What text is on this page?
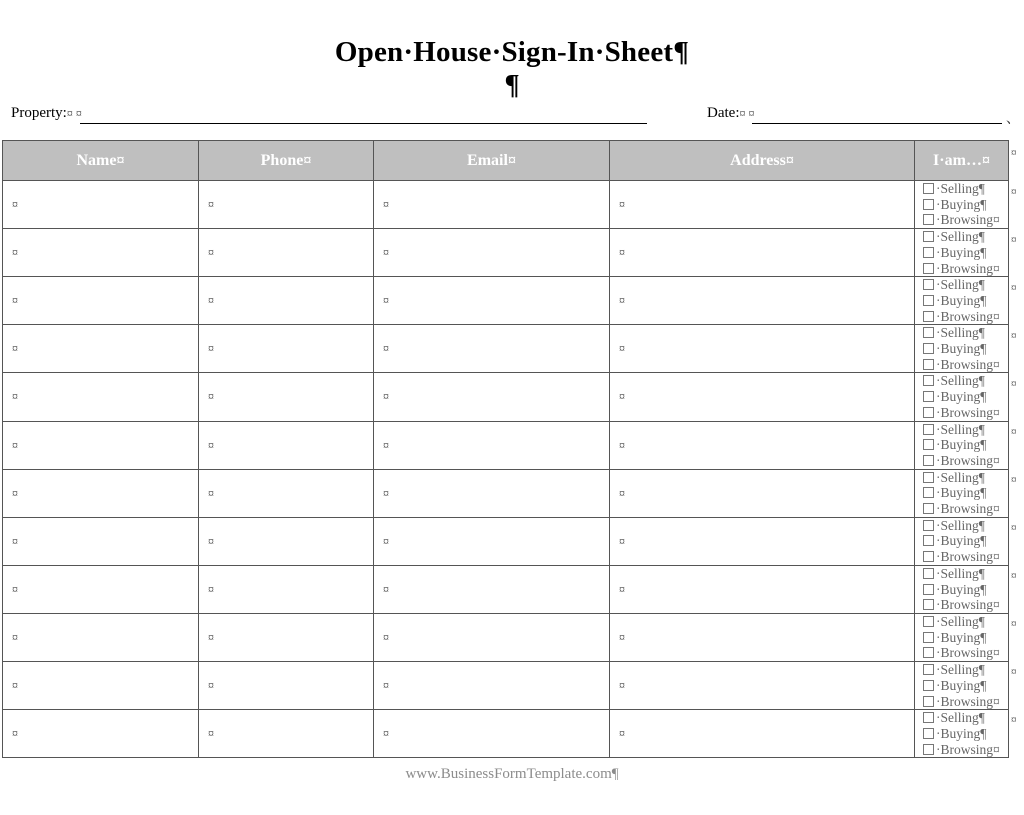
Open·House·Sign-In·Sheet¶
¶
Property:¤ ¤	Date:¤ ¤	、
Name¤	Phone¤	Email¤	Address¤	I·am…¤
¤	¤	¤	¤	·Selling¶
·Buying¶
·Browsing¤

¤	¤	¤	¤	·Selling¶
·Buying¶
·Browsing¤

¤	¤	¤	¤	·Selling¶
·Buying¶
·Browsing¤

¤	¤	¤	¤	·Selling¶
·Buying¶
·Browsing¤

¤	¤	¤	¤	·Selling¶
·Buying¶
·Browsing¤

¤	¤	¤	¤	·Selling¶
·Buying¶
·Browsing¤

¤	¤	¤	¤	·Selling¶
·Buying¶
·Browsing¤

¤	¤	¤	¤	·Selling¶
·Buying¶
·Browsing¤

¤	¤	¤	¤	·Selling¶
·Buying¶
·Browsing¤

¤	¤	¤	¤	·Selling¶
·Buying¶
·Browsing¤

¤	¤	¤	¤	·Selling¶
·Buying¶
·Browsing¤

¤	¤	¤	¤	·Selling¶
·Buying¶
·Browsing¤
¤
¤
¤
¤
¤
¤
¤
¤
¤
¤
¤
¤
¤
www.BusinessFormTemplate.com¶
